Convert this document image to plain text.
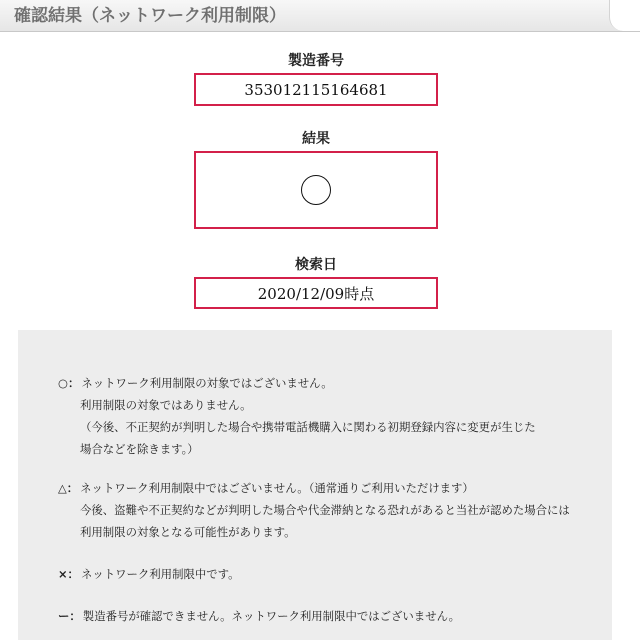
確認結果（ネットワーク利用制限）
製造番号
353012115164681
結果
検索日
2020/12/09時点
○： ネットワーク利用制限の対象ではございません。
利用制限の対象ではありません。
（今後、不正契約が判明した場合や携帯電話機購入に関わる初期登録内容に変更が生じた
場合などを除きます。）
△： ネットワーク利用制限中ではございません。（通常通りご利用いただけます）
今後、盗難や不正契約などが判明した場合や代金滞納となる恐れがあると当社が認めた場合には
利用制限の対象となる可能性があります。
×： ネットワーク利用制限中です。
ー： 製造番号が確認できません。ネットワーク利用制限中ではございません。
